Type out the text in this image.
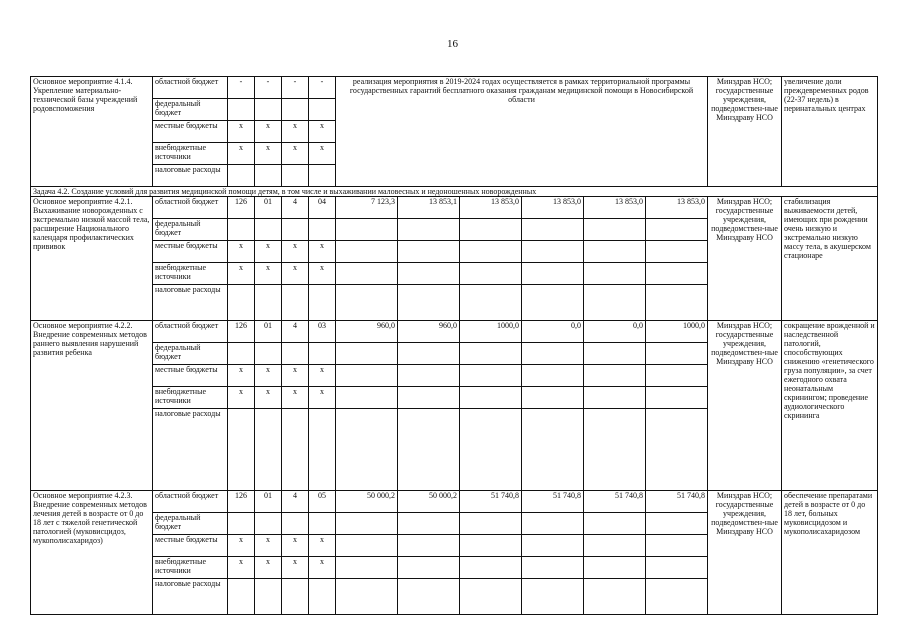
16
Основное мероприятие 4.1.4. Укрепление материально-технической базы учреждений родовспоможения	областной бюджет	-	-	-	-	реализация мероприятия в 2019-2024 годах осуществляется в рамках территориальной программы государственных гарантий бесплатного оказания гражданам медицинской помощи в Новосибирской области						Минздрав НСО; государственные учреждения, подведомствен-ные Минздраву НСО	увеличение доли преждевременных родов (22-37 недель) в перинатальных центрах
	федеральный бюджет												
	местные бюджеты	x	x	x	x								
	внебюджетные источники	x	x	x	x								
	налоговые расходы												
Задача 4.2. Создание условий для развития медицинской помощи детям, в том числе и выхаживании маловесных и недоношенных новорожденных													
Основное мероприятие 4.2.1. Выхаживание новорожденных с экстремально низкой массой тела, расширение Национального календаря профилактических прививок	областной бюджет	126	01	4	04	7 123,3	13 853,1	13 853,0	13 853,0	13 853,0	13 853,0	Минздрав НСО; государственные учреждения, подведомствен-ные Минздраву НСО	стабилизация выживаемости детей, имеющих при рождении очень низкую и экстремально низкую массу тела, в акушерском стационаре
	федеральный бюджет												
	местные бюджеты	x	x	x	x								
	внебюджетные источники	x	x	x	x								
	налоговые расходы												
Основное мероприятие 4.2.2. Внедрение современных методов раннего выявления нарушений развития ребенка	областной бюджет	126	01	4	03	960,0	960,0	1000,0	0,0	0,0	1000,0	Минздрав НСО; государственные учреждения, подведомствен-ные Минздраву НСО	сокращение врожденной и наследственной патологий, способствующих снижению «генетического груза популяции», за счет ежегодного охвата неонатальным скринингом; проведение аудиологического скрининга
	федеральный бюджет												
	местные бюджеты	x	x	x	x								
	внебюджетные источники	x	x	x	x								
	налоговые расходы												
Основное мероприятие 4.2.3. Внедрение современных методов лечения детей в возрасте от 0 до 18 лет с тяжелой генетической патологией (муковисцидоз, мукополисахаридоз)	областной бюджет	126	01	4	05	50 000,2	50 000,2	51 740,8	51 740,8	51 740,8	51 740,8	Минздрав НСО; государственные учреждения, подведомствен-ные Минздраву НСО	обеспечение препаратами детей в возрасте от 0 до 18 лет, больных муковисцидозом и мукополисахаридозом
	федеральный бюджет												
	местные бюджеты	x	x	x	x								
	внебюджетные источники	x	x	x	x								
	налоговые расходы												
